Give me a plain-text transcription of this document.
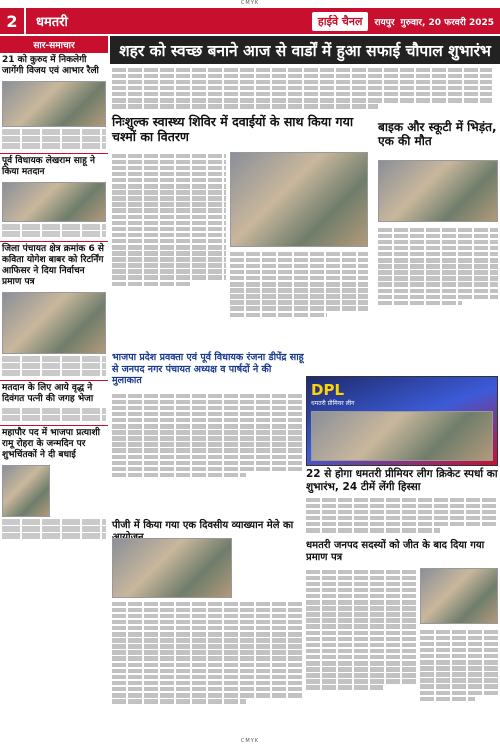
CMYK
2	धमतरी	हाईवे चैनल	रायपुर गुरुवार, 20 फरवरी 2025
सार-समाचार
21 को कुरुद में निकलेगी जागेंगी विजय एवं आभार रैली
पूर्व विधायक लेखराम साहू ने किया मतदान
जिला पंचायत क्षेत्र क्रमांक 6 से कविता योगेश बाबर को रिटर्निंग आफिसर ने दिया निर्वाचन प्रमाण पत्र
मतदान के लिए आये वृद्ध ने दिवंगत पत्नी की जगह भेजा
महापौर पद में भाजपा प्रत्याशी रामू रोहरा के जन्मदिन पर शुभचिंतकों ने दी बधाई
शहर को स्वच्छ बनाने आज से वार्डों में हुआ सफाई चौपाल शुभारंभ
निःशुल्क स्वास्थ्य शिविर में दवाईयों के साथ किया गया चश्मों का वितरण
बाइक और स्कूटी में भिड़ंत, एक की मौत
भाजपा प्रदेश प्रवक्ता एवं पूर्व विधायक रंजना डीपेंद्र साहू से जनपद नगर पंचायत अध्यक्ष व पार्षदों ने की मुलाकात
DPL
धमतरी प्रीमियर लीग
22 से होगा धमतरी प्रीमियर लीग क्रिकेट स्पर्धा का शुभारंभ, 24 टीमें लेंगी हिस्सा
पीजी में किया गया एक दिवसीय व्याख्यान मेले का
धमतरी जनपद सदस्यों को जीत के बाद दिया गया प्रमाण पत्र
CMYK
